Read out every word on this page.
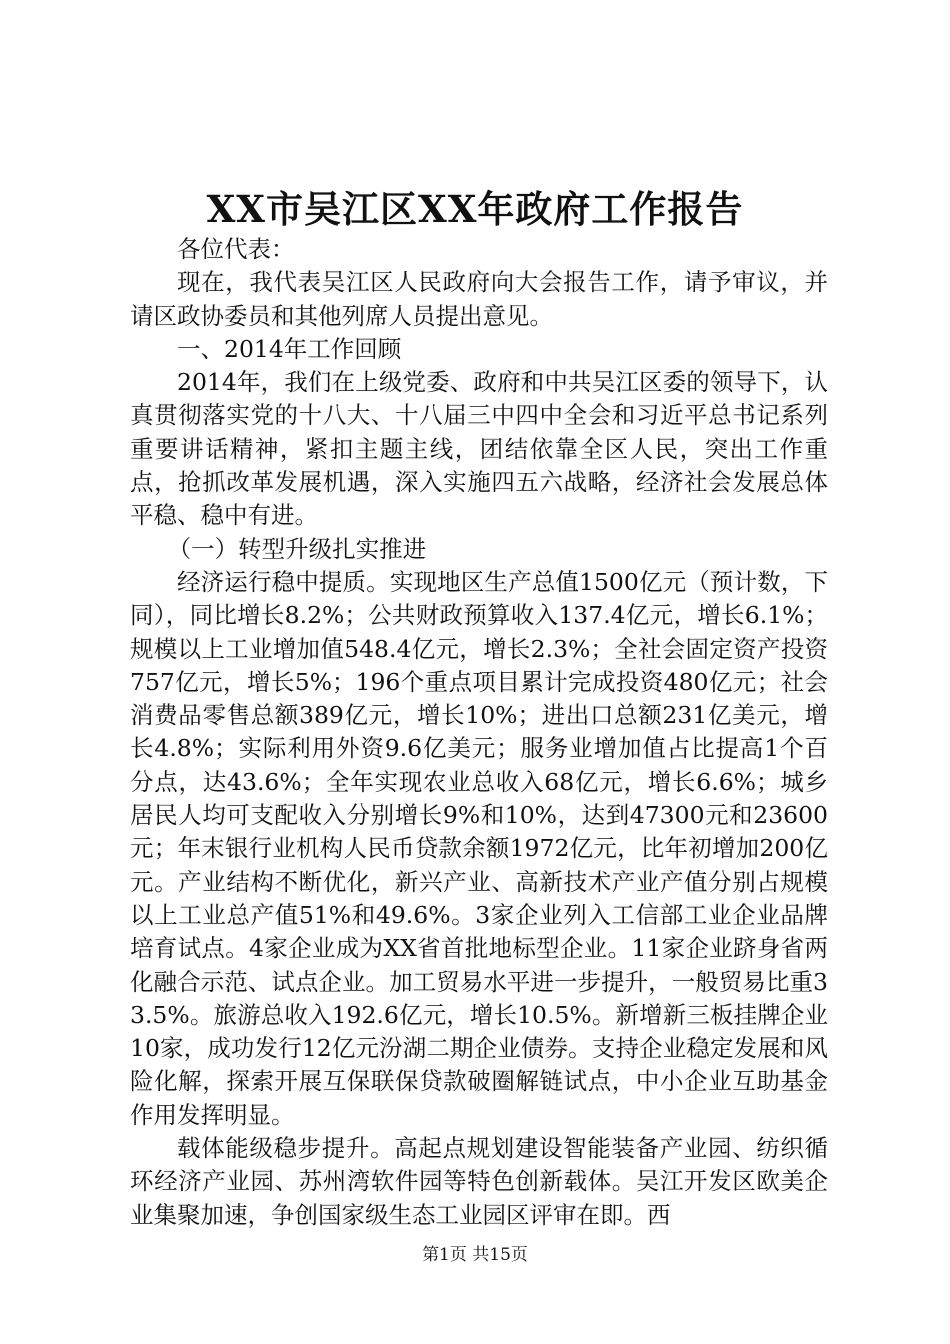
XX市吴江区XX年政府工作报告

各位代表：

现在，我代表吴江区人民政府向大会报告工作，请予审议，并请区政协委员和其他列席人员提出意见。

一、2014年工作回顾

2014年，我们在上级党委、政府和中共吴江区委的领导下，认真贯彻落实党的十八大、十八届三中四中全会和习近平总书记系列重要讲话精神，紧扣主题主线，团结依靠全区人民，突出工作重点，抢抓改革发展机遇，深入实施四五六战略，经济社会发展总体平稳、稳中有进。

（一）转型升级扎实推进

经济运行稳中提质。实现地区生产总值1500亿元（预计数，下同），同比增长8.2%；公共财政预算收入137.4亿元，增长6.1%；规模以上工业增加值548.4亿元，增长2.3%；全社会固定资产投资757亿元，增长5%；196个重点项目累计完成投资480亿元；社会消费品零售总额389亿元，增长10%；进出口总额231亿美元，增长4.8%；实际利用外资9.6亿美元；服务业增加值占比提高1个百分点，达43.6%；全年实现农业总收入68亿元，增长6.6%；城乡居民人均可支配收入分别增长9%和10%，达到47300元和23600元；年末银行业机构人民币贷款余额1972亿元，比年初增加200亿元。产业结构不断优化，新兴产业、高新技术产业产值分别占规模以上工业总产值51%和49.6%。3家企业列入工信部工业企业品牌培育试点。4家企业成为XX省首批地标型企业。11家企业跻身省两化融合示范、试点企业。加工贸易水平进一步提升，一般贸易比重33.5%。旅游总收入192.6亿元，增长10.5%。新增新三板挂牌企业10家，成功发行12亿元汾湖二期企业债券。支持企业稳定发展和风险化解，探索开展互保联保贷款破圈解链试点，中小企业互助基金作用发挥明显。

载体能级稳步提升。高起点规划建设智能装备产业园、纺织循环经济产业园、苏州湾软件园等特色创新载体。吴江开发区欧美企业集聚加速，争创国家级生态工业园区评审在即。西

第1页 共15页
